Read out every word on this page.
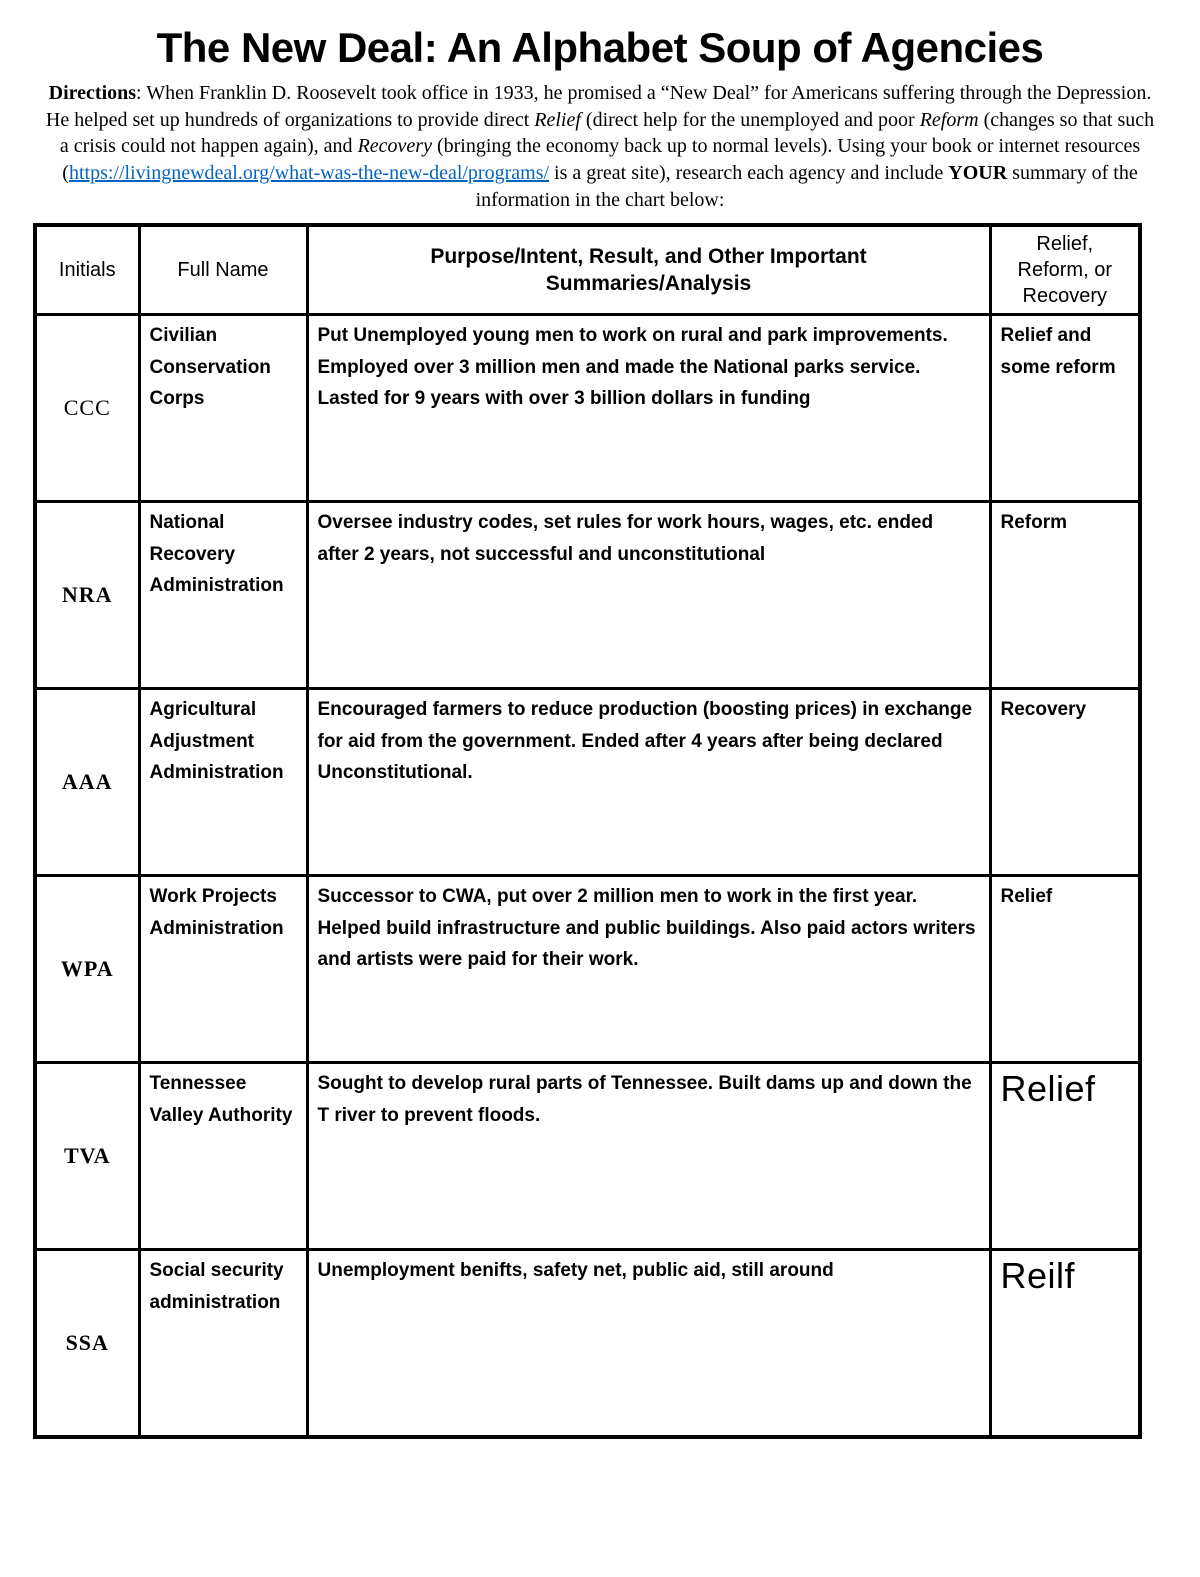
The New Deal: An Alphabet Soup of Agencies

Directions: When Franklin D. Roosevelt took office in 1933, he promised a “New Deal” for Americans suffering through the Depression. He helped set up hundreds of organizations to provide direct Relief (direct help for the unemployed and poor Reform (changes so that such a crisis could not happen again), and Recovery (bringing the economy back up to normal levels). Using your book or internet resources (https://livingnewdeal.org/what-was-the-new-deal/programs/ is a great site), research each agency and include YOUR summary of the information in the chart below:

Initials	Full Name	Purpose/Intent, Result, and Other Important Summaries/Analysis	Relief, Reform, or Recovery
CCC	Civilian Conservation Corps	Put Unemployed young men to work on rural and park improvements. Employed over 3 million men and made the National parks service. Lasted for 9 years with over 3 billion dollars in funding	Relief and some reform
NRA	National Recovery Administration	Oversee industry codes, set rules for work hours, wages, etc. ended after 2 years, not successful and unconstitutional	Reform
AAA	Agricultural Adjustment Administration	Encouraged farmers to reduce production (boosting prices) in exchange for aid from the government. Ended after 4 years after being declared Unconstitutional.	Recovery
WPA	Work Projects Administration	Successor to CWA, put over 2 million men to work in the first year. Helped build infrastructure and public buildings. Also paid actors writers and artists were paid for their work.	Relief
TVA	Tennessee Valley Authority	Sought to develop rural parts of Tennessee. Built dams up and down the T river to prevent floods.	Relief
SSA	Social security administration	Unemployment benifts, safety net, public aid, still around	Reilf
